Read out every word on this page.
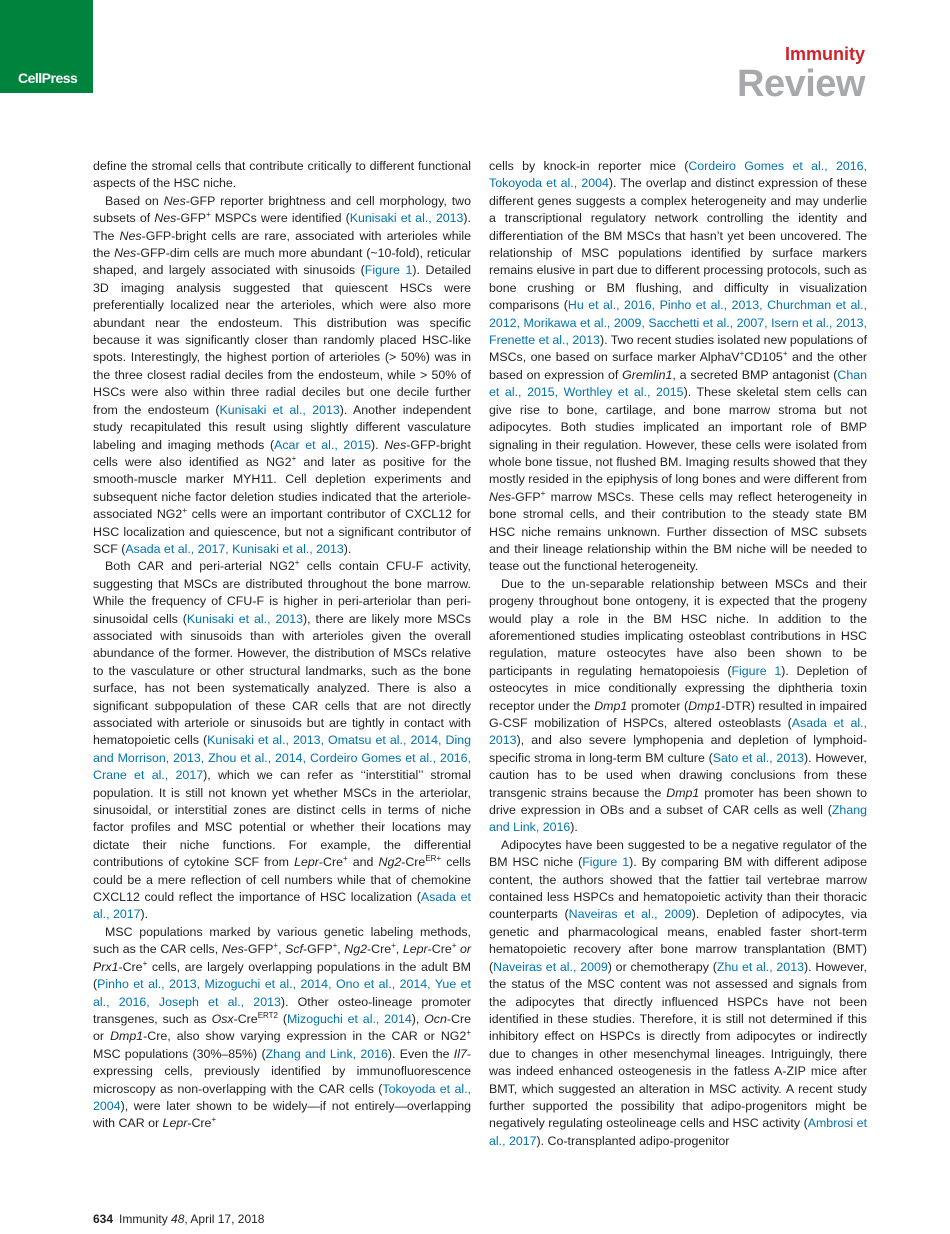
CellPress
Immunity
Review

define the stromal cells that contribute critically to different functional aspects of the HSC niche.

Based on Nes-GFP reporter brightness and cell morphology, two subsets of Nes-GFP+ MSPCs were identified (Kunisaki et al., 2013). The Nes-GFP-bright cells are rare, associated with arterioles while the Nes-GFP-dim cells are much more abundant (~10-fold), reticular shaped, and largely associated with sinusoids (Figure 1). Detailed 3D imaging analysis suggested that quiescent HSCs were preferentially localized near the arterioles, which were also more abundant near the endosteum. This distribution was specific because it was significantly closer than randomly placed HSC-like spots. Interestingly, the highest portion of arterioles (> 50%) was in the three closest radial deciles from the endosteum, while > 50% of HSCs were also within three radial deciles but one decile further from the endosteum (Kunisaki et al., 2013). Another independent study recapitulated this result using slightly different vasculature labeling and imaging methods (Acar et al., 2015). Nes-GFP-bright cells were also identified as NG2+ and later as positive for the smooth-muscle marker MYH11. Cell depletion experiments and subsequent niche factor deletion studies indicated that the arteriole-associated NG2+ cells were an important contributor of CXCL12 for HSC localization and quiescence, but not a significant contributor of SCF (Asada et al., 2017, Kunisaki et al., 2013).

Both CAR and peri-arterial NG2+ cells contain CFU-F activity, suggesting that MSCs are distributed throughout the bone marrow. While the frequency of CFU-F is higher in peri-arteriolar than peri-sinusoidal cells (Kunisaki et al., 2013), there are likely more MSCs associated with sinusoids than with arterioles given the overall abundance of the former. However, the distribution of MSCs relative to the vasculature or other structural landmarks, such as the bone surface, has not been systematically analyzed. There is also a significant subpopulation of these CAR cells that are not directly associated with arteriole or sinusoids but are tightly in contact with hematopoietic cells (Kunisaki et al., 2013, Omatsu et al., 2014, Ding and Morrison, 2013, Zhou et al., 2014, Cordeiro Gomes et al., 2016, Crane et al., 2017), which we can refer as ‘‘interstitial’’ stromal population. It is still not known yet whether MSCs in the arteriolar, sinusoidal, or interstitial zones are distinct cells in terms of niche factor profiles and MSC potential or whether their locations may dictate their niche functions. For example, the differential contributions of cytokine SCF from Lepr-Cre+ and Ng2-Cre$^{ER+}$ cells could be a mere reflection of cell numbers while that of chemokine CXCL12 could reflect the importance of HSC localization (Asada et al., 2017).

MSC populations marked by various genetic labeling methods, such as the CAR cells, Nes-GFP+, Scf-GFP+, Ng2-Cre+, Lepr-Cre+ or Prx1-Cre+ cells, are largely overlapping populations in the adult BM (Pinho et al., 2013, Mizoguchi et al., 2014, Ono et al., 2014, Yue et al., 2016, Joseph et al., 2013). Other osteo-lineage promoter transgenes, such as Osx-Cre$^{ERT2}$ (Mizoguchi et al., 2014), Ocn-Cre or Dmp1-Cre, also show varying expression in the CAR or NG2+ MSC populations (30%–85%) (Zhang and Link, 2016). Even the Il7-expressing cells, previously identified by immunofluorescence microscopy as non-overlapping with the CAR cells (Tokoyoda et al., 2004), were later shown to be widely—if not entirely—overlapping with CAR or Lepr-Cre+

cells by knock-in reporter mice (Cordeiro Gomes et al., 2016, Tokoyoda et al., 2004). The overlap and distinct expression of these different genes suggests a complex heterogeneity and may underlie a transcriptional regulatory network controlling the identity and differentiation of the BM MSCs that hasn’t yet been uncovered. The relationship of MSC populations identified by surface markers remains elusive in part due to different processing protocols, such as bone crushing or BM flushing, and difficulty in visualization comparisons (Hu et al., 2016, Pinho et al., 2013, Churchman et al., 2012, Morikawa et al., 2009, Sacchetti et al., 2007, Isern et al., 2013, Frenette et al., 2013). Two recent studies isolated new populations of MSCs, one based on surface marker AlphaV+CD105+ and the other based on expression of Gremlin1, a secreted BMP antagonist (Chan et al., 2015, Worthley et al., 2015). These skeletal stem cells can give rise to bone, cartilage, and bone marrow stroma but not adipocytes. Both studies implicated an important role of BMP signaling in their regulation. However, these cells were isolated from whole bone tissue, not flushed BM. Imaging results showed that they mostly resided in the epiphysis of long bones and were different from Nes-GFP+ marrow MSCs. These cells may reflect heterogeneity in bone stromal cells, and their contribution to the steady state BM HSC niche remains unknown. Further dissection of MSC subsets and their lineage relationship within the BM niche will be needed to tease out the functional heterogeneity.

Due to the un-separable relationship between MSCs and their progeny throughout bone ontogeny, it is expected that the progeny would play a role in the BM HSC niche. In addition to the aforementioned studies implicating osteoblast contributions in HSC regulation, mature osteocytes have also been shown to be participants in regulating hematopoiesis (Figure 1). Depletion of osteocytes in mice conditionally expressing the diphtheria toxin receptor under the Dmp1 promoter (Dmp1-DTR) resulted in impaired G-CSF mobilization of HSPCs, altered osteoblasts (Asada et al., 2013), and also severe lymphopenia and depletion of lymphoid-specific stroma in long-term BM culture (Sato et al., 2013). However, caution has to be used when drawing conclusions from these transgenic strains because the Dmp1 promoter has been shown to drive expression in OBs and a subset of CAR cells as well (Zhang and Link, 2016).

Adipocytes have been suggested to be a negative regulator of the BM HSC niche (Figure 1). By comparing BM with different adipose content, the authors showed that the fattier tail vertebrae marrow contained less HSPCs and hematopoietic activity than their thoracic counterparts (Naveiras et al., 2009). Depletion of adipocytes, via genetic and pharmacological means, enabled faster short-term hematopoietic recovery after bone marrow transplantation (BMT) (Naveiras et al., 2009) or chemotherapy (Zhu et al., 2013). However, the status of the MSC content was not assessed and signals from the adipocytes that directly influenced HSPCs have not been identified in these studies. Therefore, it is still not determined if this inhibitory effect on HSPCs is directly from adipocytes or indirectly due to changes in other mesenchymal lineages. Intriguingly, there was indeed enhanced osteogenesis in the fatless A-ZIP mice after BMT, which suggested an alteration in MSC activity. A recent study further supported the possibility that adipo-progenitors might be negatively regulating osteolineage cells and HSC activity (Ambrosi et al., 2017). Co-transplanted adipo-progenitor

634 Immunity 48, April 17, 2018
